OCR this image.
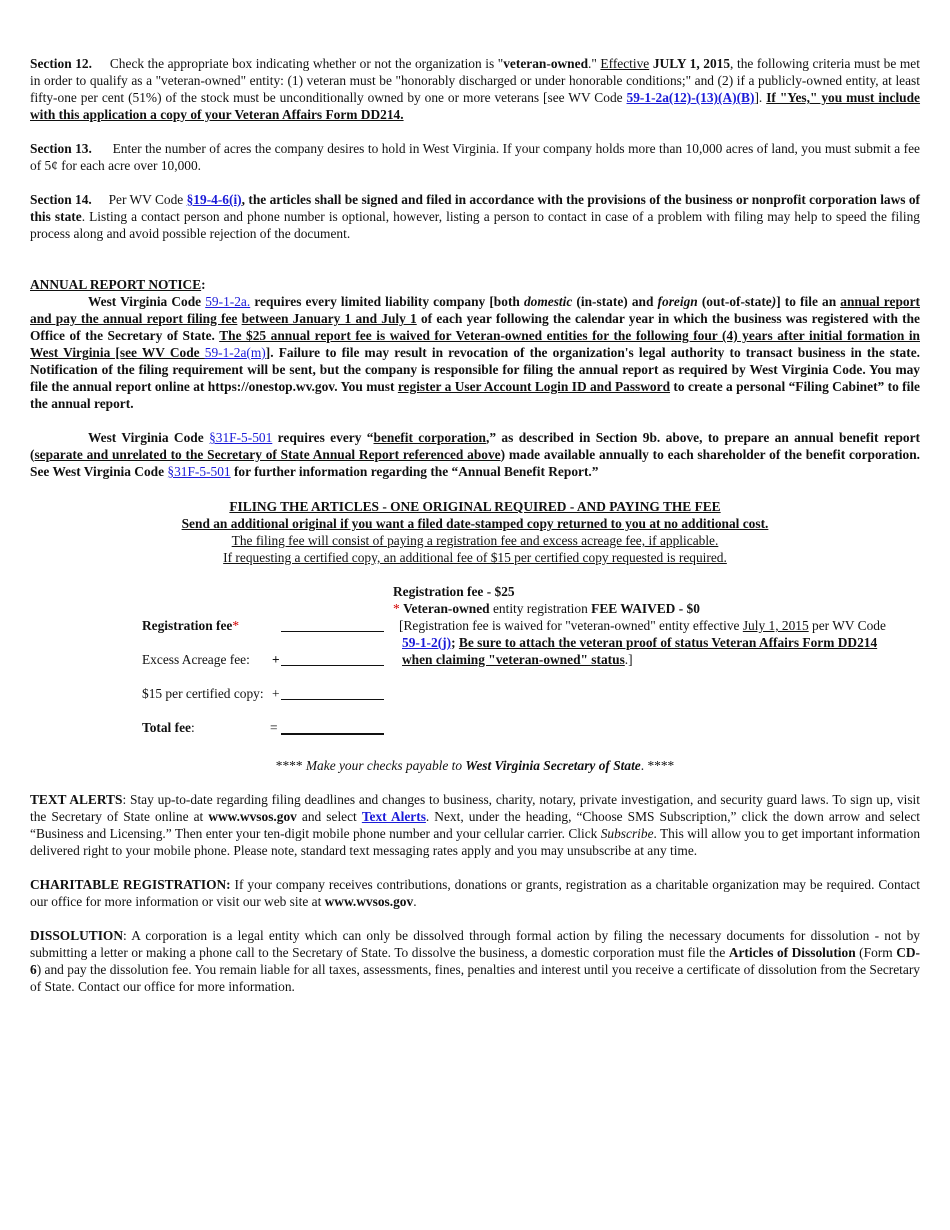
Section 12. Check the appropriate box indicating whether or not the organization is "veteran-owned." Effective JULY 1, 2015, the following criteria must be met in order to qualify as a "veteran-owned" entity: (1) veteran must be "honorably discharged or under honorable conditions;" and (2) if a publicly-owned entity, at least fifty-one per cent (51%) of the stock must be unconditionally owned by one or more veterans [see WV Code 59-1-2a(12)-(13)(A)(B)]. If "Yes," you must include with this application a copy of your Veteran Affairs Form DD214.

Section 13. Enter the number of acres the company desires to hold in West Virginia. If your company holds more than 10,000 acres of land, you must submit a fee of 5¢ for each acre over 10,000.

Section 14. Per WV Code §19-4-6(i), the articles shall be signed and filed in accordance with the provisions of the business or nonprofit corporation laws of this state. Listing a contact person and phone number is optional, however, listing a person to contact in case of a problem with filing may help to speed the filing process along and avoid possible rejection of the document.

ANNUAL REPORT NOTICE:

West Virginia Code 59-1-2a. requires every limited liability company [both domestic (in-state) and foreign (out-of-state)] to file an annual report and pay the annual report filing fee between January 1 and July 1 of each year following the calendar year in which the business was registered with the Office of the Secretary of State. The $25 annual report fee is waived for Veteran-owned entities for the following four (4) years after initial formation in West Virginia [see WV Code 59-1-2a(m)]. Failure to file may result in revocation of the organization's legal authority to transact business in the state. Notification of the filing requirement will be sent, but the company is responsible for filing the annual report as required by West Virginia Code. You may file the annual report online at https://onestop.wv.gov. You must register a User Account Login ID and Password to create a personal “Filing Cabinet” to file the annual report.

West Virginia Code §31F-5-501 requires every “benefit corporation,” as described in Section 9b. above, to prepare an annual benefit report (separate and unrelated to the Secretary of State Annual Report referenced above) made available annually to each shareholder of the benefit corporation. See West Virginia Code §31F-5-501 for further information regarding the “Annual Benefit Report.”

FILING THE ARTICLES - ONE ORIGINAL REQUIRED - AND PAYING THE FEE
Send an additional original if you want a filed date-stamped copy returned to you at no additional cost.
The filing fee will consist of paying a registration fee and excess acreage fee, if applicable.
If requesting a certified copy, an additional fee of $15 per certified copy requested is required.
Registration fee*
Excess Acreage fee: +
$15 per certified copy: +
Total fee:	=
Registration fee - $25
* Veteran-owned entity registration FEE WAIVED - $0
[Registration fee is waived for "veteran-owned" entity effective July 1, 2015 per WV Code
59-1-2(j); Be sure to attach the veteran proof of status Veteran Affairs Form DD214
when claiming "veteran-owned" status.]

**** Make your checks payable to West Virginia Secretary of State. ****

TEXT ALERTS: Stay up-to-date regarding filing deadlines and changes to business, charity, notary, private investigation, and security guard laws. To sign up, visit the Secretary of State online at www.wvsos.gov and select Text Alerts. Next, under the heading, “Choose SMS Subscription,” click the down arrow and select “Business and Licensing.” Then enter your ten-digit mobile phone number and your cellular carrier. Click Subscribe. This will allow you to get important information delivered right to your mobile phone. Please note, standard text messaging rates apply and you may unsubscribe at any time.

CHARITABLE REGISTRATION: If your company receives contributions, donations or grants, registration as a charitable organization may be required. Contact our office for more information or visit our web site at www.wvsos.gov.

DISSOLUTION: A corporation is a legal entity which can only be dissolved through formal action by filing the necessary documents for dissolution - not by submitting a letter or making a phone call to the Secretary of State. To dissolve the business, a domestic corporation must file the Articles of Dissolution (Form CD-6) and pay the dissolution fee. You remain liable for all taxes, assessments, fines, penalties and interest until you receive a certificate of dissolution from the Secretary of State. Contact our office for more information.
